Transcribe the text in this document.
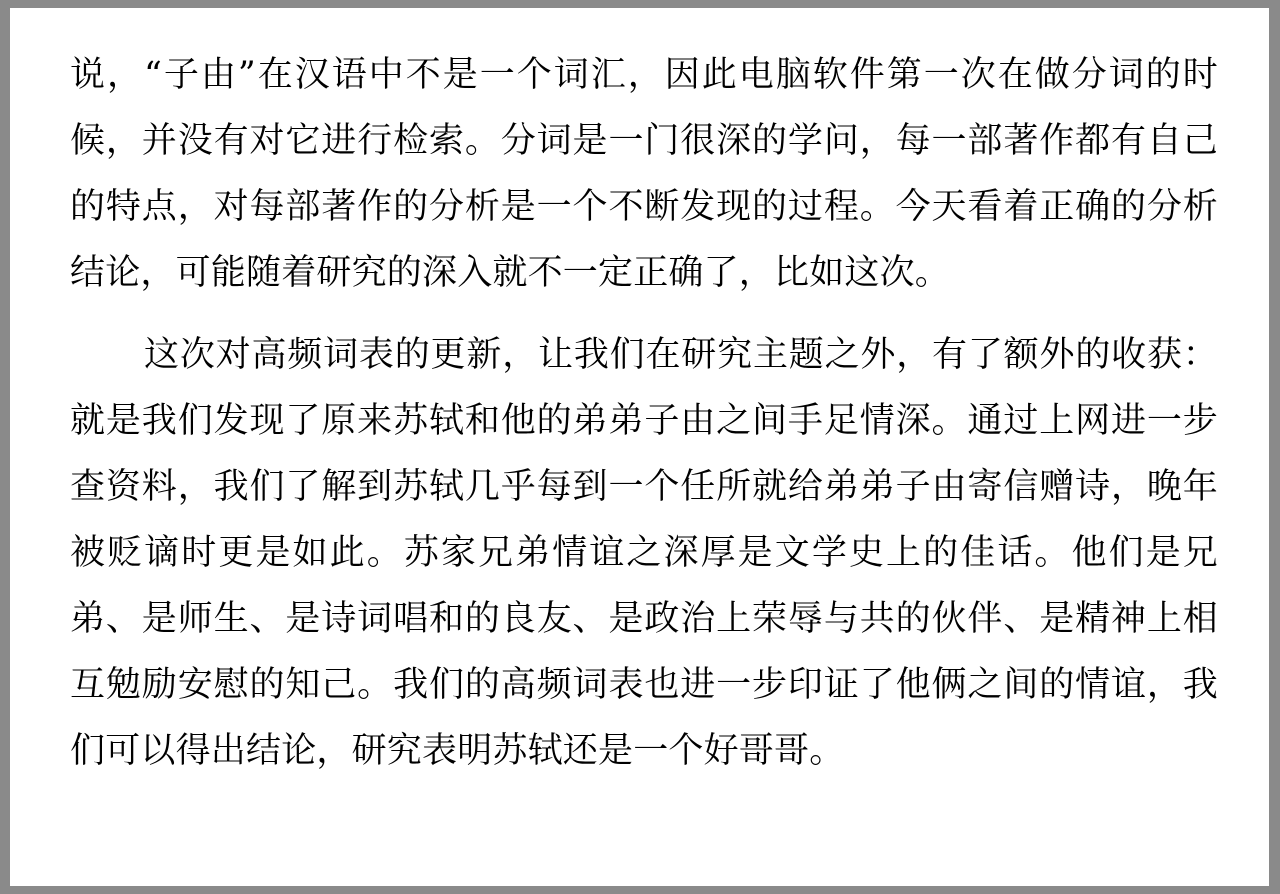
说，“子由”在汉语中不是一个词汇，因此电脑软件第一次在做分词的时候，并没有对它进行检索。分词是一门很深的学问，每一部著作都有自己的特点，对每部著作的分析是一个不断发现的过程。今天看着正确的分析结论，可能随着研究的深入就不一定正确了，比如这次。

这次对高频词表的更新，让我们在研究主题之外，有了额外的收获：就是我们发现了原来苏轼和他的弟弟子由之间手足情深。通过上网进一步查资料，我们了解到苏轼几乎每到一个任所就给弟弟子由寄信赠诗，晚年被贬谪时更是如此。苏家兄弟情谊之深厚是文学史上的佳话。他们是兄弟、是师生、是诗词唱和的良友、是政治上荣辱与共的伙伴、是精神上相互勉励安慰的知己。我们的高频词表也进一步印证了他俩之间的情谊，我们可以得出结论，研究表明苏轼还是一个好哥哥。
